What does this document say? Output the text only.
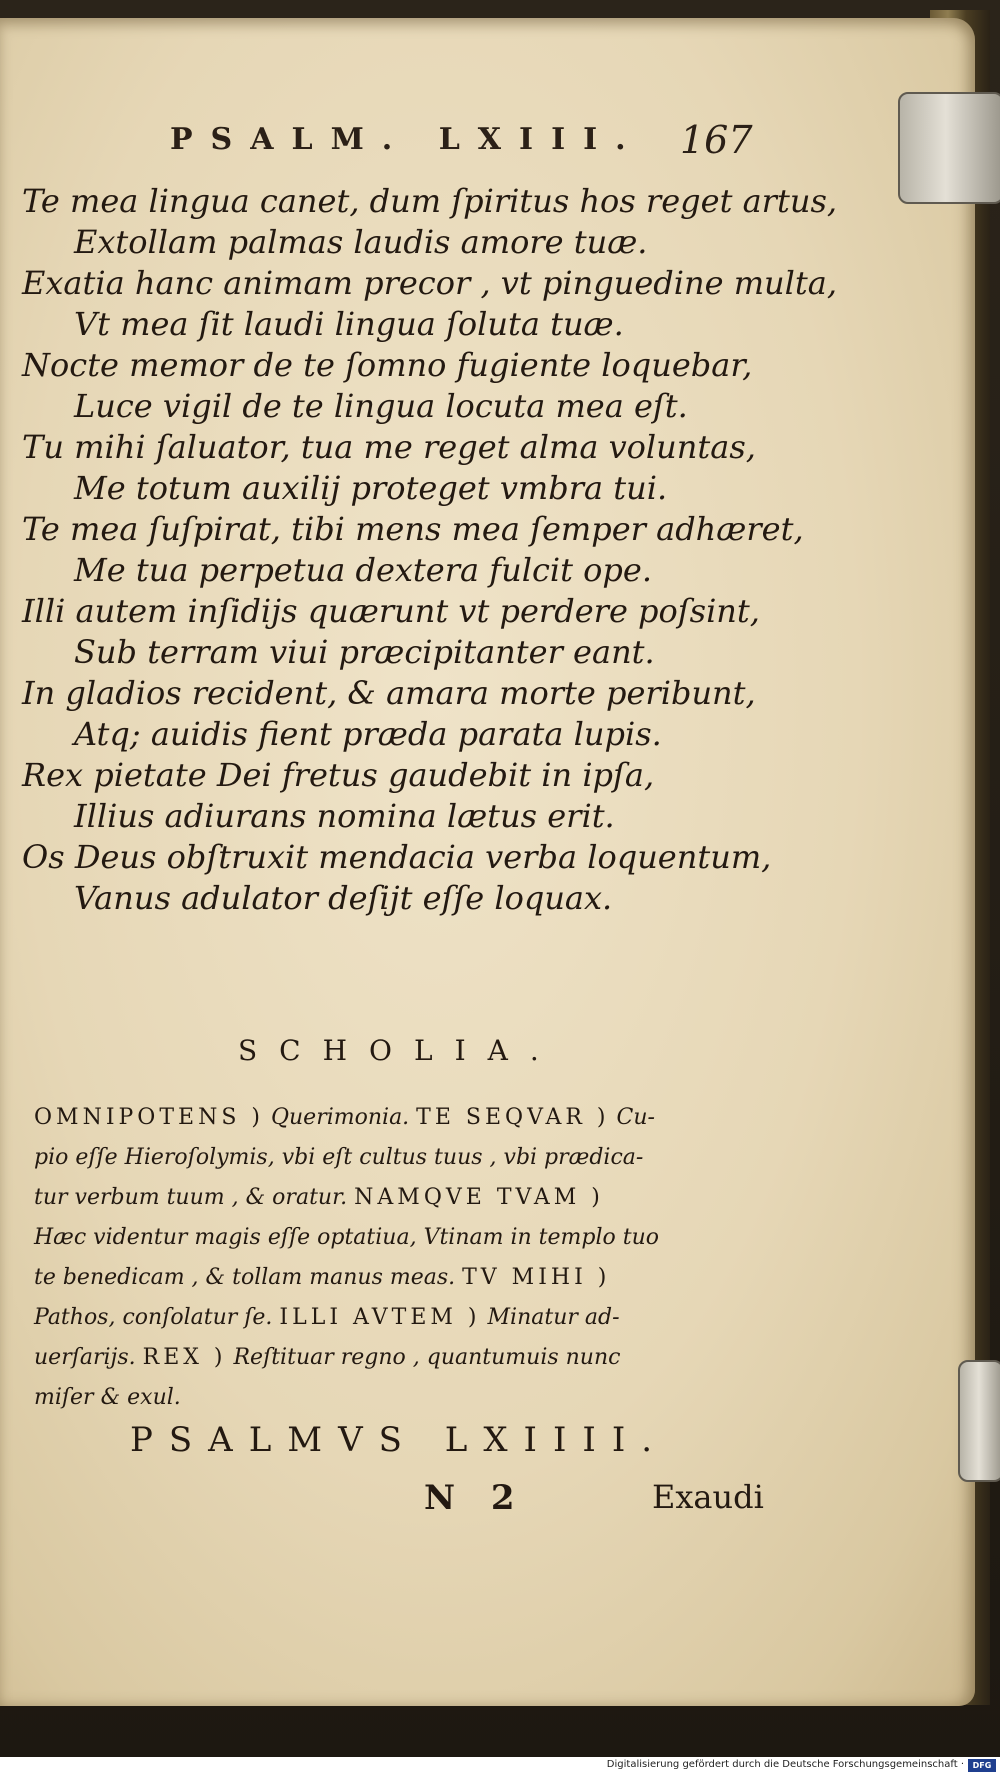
PSALM. LXIII. 167
Te mea lingua canet, dum ſpiritus hos reget artus,
Extollam palmas laudis amore tuæ.
Exatia hanc animam precor , vt pinguedine multa,
Vt mea ſit laudi lingua ſoluta tuæ.
Nocte memor de te ſomno fugiente loquebar,
Luce vigil de te lingua locuta mea eſt.
Tu mihi ſaluator, tua me reget alma voluntas,
Me totum auxilij proteget vmbra tui.
Te mea ſuſpirat, tibi mens mea ſemper adhæret,
Me tua perpetua dextera fulcit ope.
Illi autem inſidijs quærunt vt perdere poſsint,
Sub terram viui præcipitanter eant.
In gladios recident, & amara morte peribunt,
Atq; auidis fient præda parata lupis.
Rex pietate Dei fretus gaudebit in ipſa,
Illius adiurans nomina lætus erit.
Os Deus obſtruxit mendacia verba loquentum,
Vanus adulator deſijt eſſe loquax.
SCHOLIA.

OMNIPOTENS ) Querimonia. TE SEQVAR ) Cu-

pio eſſe Hieroſolymis, vbi eſt cultus tuus , vbi prædica-

tur verbum tuum , & oratur. NAMQVE TVAM )

Hæc videntur magis eſſe optatiua, Vtinam in templo tuo

te benedicam , & tollam manus meas. TV MIHI )

Pathos, conſolatur ſe. ILLI AVTEM ) Minatur ad-

uerſarijs. REX ) Reſtituar regno , quantumuis nunc

miſer & exul.

PSALMVS LXIIII.
N 2	Exaudi
Digitalisierung gefördert durch die Deutsche Forschungsgemeinschaft ·	DFG
